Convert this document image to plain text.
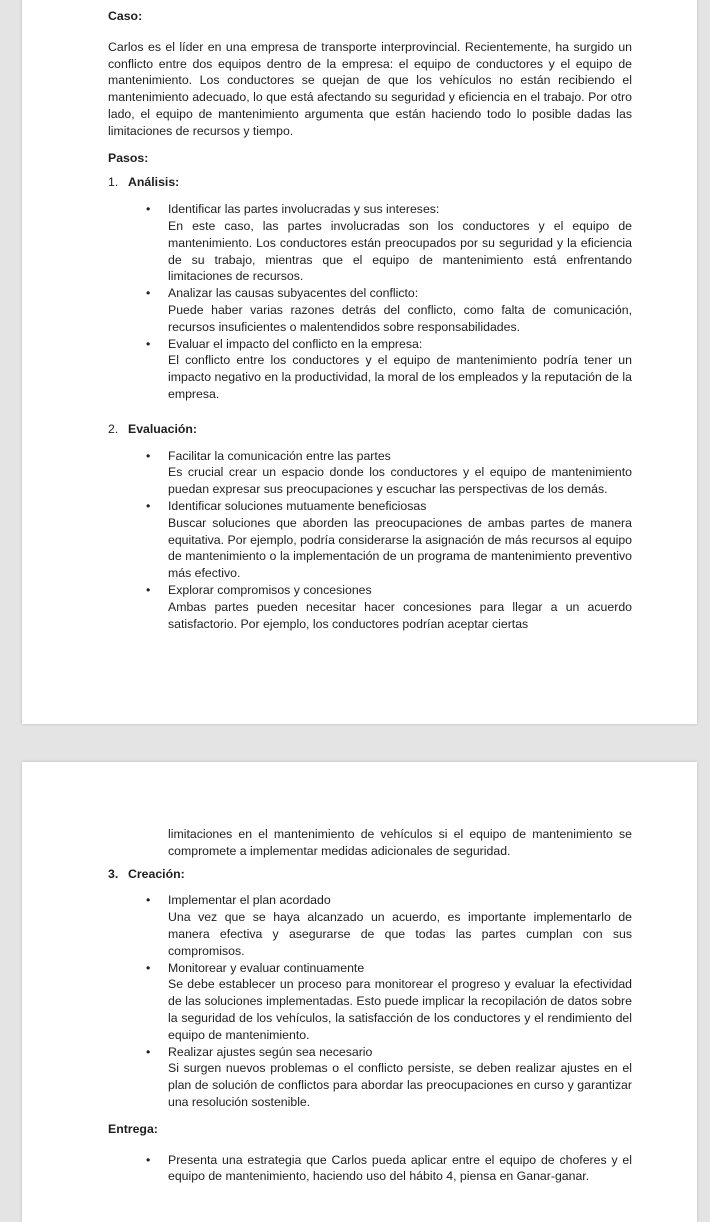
Caso:

Carlos es el líder en una empresa de transporte interprovincial. Recientemente, ha surgido un conflicto entre dos equipos dentro de la empresa: el equipo de conductores y el equipo de mantenimiento. Los conductores se quejan de que los vehículos no están recibiendo el mantenimiento adecuado, lo que está afectando su seguridad y eficiencia en el trabajo. Por otro lado, el equipo de mantenimiento argumenta que están haciendo todo lo posible dadas las limitaciones de recursos y tiempo.

Pasos:

1. Análisis:

• Identificar las partes involucradas y sus intereses:

En este caso, las partes involucradas son los conductores y el equipo de mantenimiento. Los conductores están preocupados por su seguridad y la eficiencia de su trabajo, mientras que el equipo de mantenimiento está enfrentando limitaciones de recursos.

• Analizar las causas subyacentes del conflicto:

Puede haber varias razones detrás del conflicto, como falta de comunicación, recursos insuficientes o malentendidos sobre responsabilidades.

• Evaluar el impacto del conflicto en la empresa:

El conflicto entre los conductores y el equipo de mantenimiento podría tener un impacto negativo en la productividad, la moral de los empleados y la reputación de la empresa.

2. Evaluación:

• Facilitar la comunicación entre las partes

Es crucial crear un espacio donde los conductores y el equipo de mantenimiento puedan expresar sus preocupaciones y escuchar las perspectivas de los demás.

• Identificar soluciones mutuamente beneficiosas

Buscar soluciones que aborden las preocupaciones de ambas partes de manera equitativa. Por ejemplo, podría considerarse la asignación de más recursos al equipo de mantenimiento o la implementación de un programa de mantenimiento preventivo más efectivo.

• Explorar compromisos y concesiones

Ambas partes pueden necesitar hacer concesiones para llegar a un acuerdo satisfactorio. Por ejemplo, los conductores podrían aceptar ciertas

limitaciones en el mantenimiento de vehículos si el equipo de mantenimiento se compromete a implementar medidas adicionales de seguridad.

3. Creación:

• Implementar el plan acordado

Una vez que se haya alcanzado un acuerdo, es importante implementarlo de manera efectiva y asegurarse de que todas las partes cumplan con sus compromisos.

• Monitorear y evaluar continuamente

Se debe establecer un proceso para monitorear el progreso y evaluar la efectividad de las soluciones implementadas. Esto puede implicar la recopilación de datos sobre la seguridad de los vehículos, la satisfacción de los conductores y el rendimiento del equipo de mantenimiento.

• Realizar ajustes según sea necesario

Si surgen nuevos problemas o el conflicto persiste, se deben realizar ajustes en el plan de solución de conflictos para abordar las preocupaciones en curso y garantizar una resolución sostenible.

Entrega:

• Presenta una estrategia que Carlos pueda aplicar entre el equipo de choferes y el equipo de mantenimiento, haciendo uso del hábito 4, piensa en Ganar-ganar.
